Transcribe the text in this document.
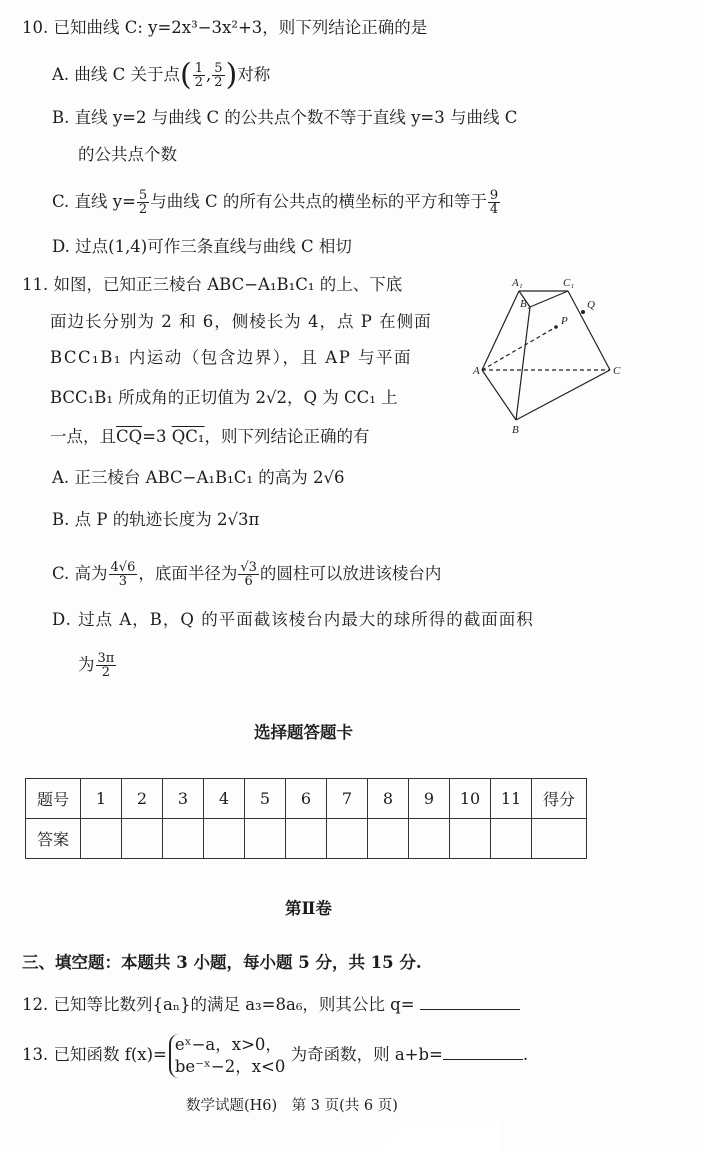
10. 已知曲线 C: y=2x³−3x²+3，则下列结论正确的是
A. 曲线 C 关于点( $\frac{1}{2}$ , $\frac{5}{2}$ )对称
B. 直线 y=2 与曲线 C 的公共点个数不等于直线 y=3 与曲线 C
的公共点个数
C. 直线 $y= \frac{5}{2}$ 与曲线 C 的所有公共点的横坐标的平方和等于 $\frac{9}{4}$
D. 过点(1,4)可作三条直线与曲线 C 相切
11. 如图，已知正三棱台 ABC−A₁B₁C₁ 的上、下底
面边长分别为 2 和 6，侧棱长为 4，点 P 在侧面
BCC₁B₁ 内运动（包含边界），且 AP 与平面
BCC₁B₁ 所成角的正切值为 2√2，Q 为 CC₁ 上
一点，且$\overline{CQ}=3$ QC₁，则下列结论正确的有
A. 正三棱台 ABC−A₁B₁C₁ 的高为 2√6
B. 点 P 的轨迹长度为 2√3π
C. 高为 $\frac{4√6}{3}$ ，底面半径为 $\frac{√3}{6}$ 的圆柱可以放进该棱台内
D. 过点 A，B，Q 的平面截该棱台内最大的球所得的截面面积
为 $\frac{3\pi}{2}$
A₁	C₁
B₁	Q
P
A	C
B
选择题答题卡
题号	1	2	3	4	5	6	7	8	9	10	11	得分
答案												
第Ⅱ卷
三、填空题：本题共 3 小题，每小题 5 分，共 15 分.
12. 已知等比数列{aₙ}的满足 a₃=8a₆，则其公比 q=
13. 已知函数 f(x)=
eˣ−a，x>0，
be⁻ˣ−2，x<0
为奇函数，则 a+b=	.
数学试题(H6)　第 3 页(共 6 页)
